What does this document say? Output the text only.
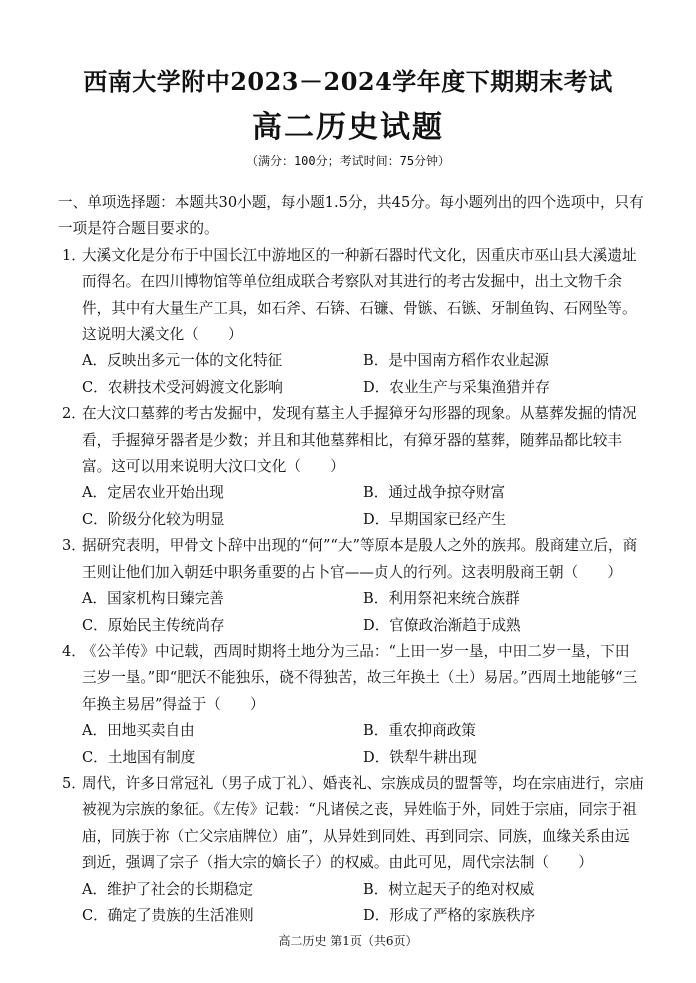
西南大学附中2023－2024学年度下期期末考试
高二历史试题
（满分：100分；考试时间：75分钟）
一、单项选择题：本题共30小题，每小题1.5分，共45分。每小题列出的四个选项中，只有一项是符合题目要求的。
1．
大溪文化是分布于中国长江中游地区的一种新石器时代文化，因重庆市巫山县大溪遗址而得名。在四川博物馆等单位组成联合考察队对其进行的考古发掘中，出土文物千余件，其中有大量生产工具，如石斧、石锛、石镰、骨镞、石镞、牙制鱼钩、石网坠等。这说明大溪文化（　　）
A．反映出多元一体的文化特征	B．是中国南方稻作农业起源
C．农耕技术受河姆渡文化影响	D．农业生产与采集渔猎并存
2．
在大汶口墓葬的考古发掘中，发现有墓主人手握獐牙勾形器的现象。从墓葬发掘的情况看，手握獐牙器者是少数；并且和其他墓葬相比，有獐牙器的墓葬，随葬品都比较丰富。这可以用来说明大汶口文化（　　）
A．定居农业开始出现	B．通过战争掠夺财富
C．阶级分化较为明显	D．早期国家已经产生
3．
据研究表明，甲骨文卜辞中出现的“何”“大”等原本是殷人之外的族邦。殷商建立后，商王则让他们加入朝廷中职务重要的占卜官——贞人的行列。这表明殷商王朝（　　）
A．国家机构日臻完善	B．利用祭祀来统合族群
C．原始民主传统尚存	D．官僚政治渐趋于成熟
4．
《公羊传》中记载，西周时期将土地分为三品：“上田一岁一垦，中田二岁一垦，下田三岁一垦。”即“肥沃不能独乐，硗不得独苦，故三年换土（土）易居。”西周土地能够“三年换主易居”得益于（　　）
A．田地买卖自由	B．重农抑商政策
C．土地国有制度	D．铁犁牛耕出现
5．
周代，许多日常冠礼（男子成丁礼）、婚丧礼、宗族成员的盟誓等，均在宗庙进行，宗庙被视为宗族的象征。《左传》记载：“凡诸侯之丧，异姓临于外，同姓于宗庙，同宗于祖庙，同族于祢（亡父宗庙牌位）庙”，从异姓到同姓、再到同宗、同族，血缘关系由远到近，强调了宗子（指大宗的嫡长子）的权威。由此可见，周代宗法制（　　）
A．维护了社会的长期稳定	B．树立起天子的绝对权威
C．确定了贵族的生活准则	D．形成了严格的家族秩序
高二历史 第1页（共6页）
